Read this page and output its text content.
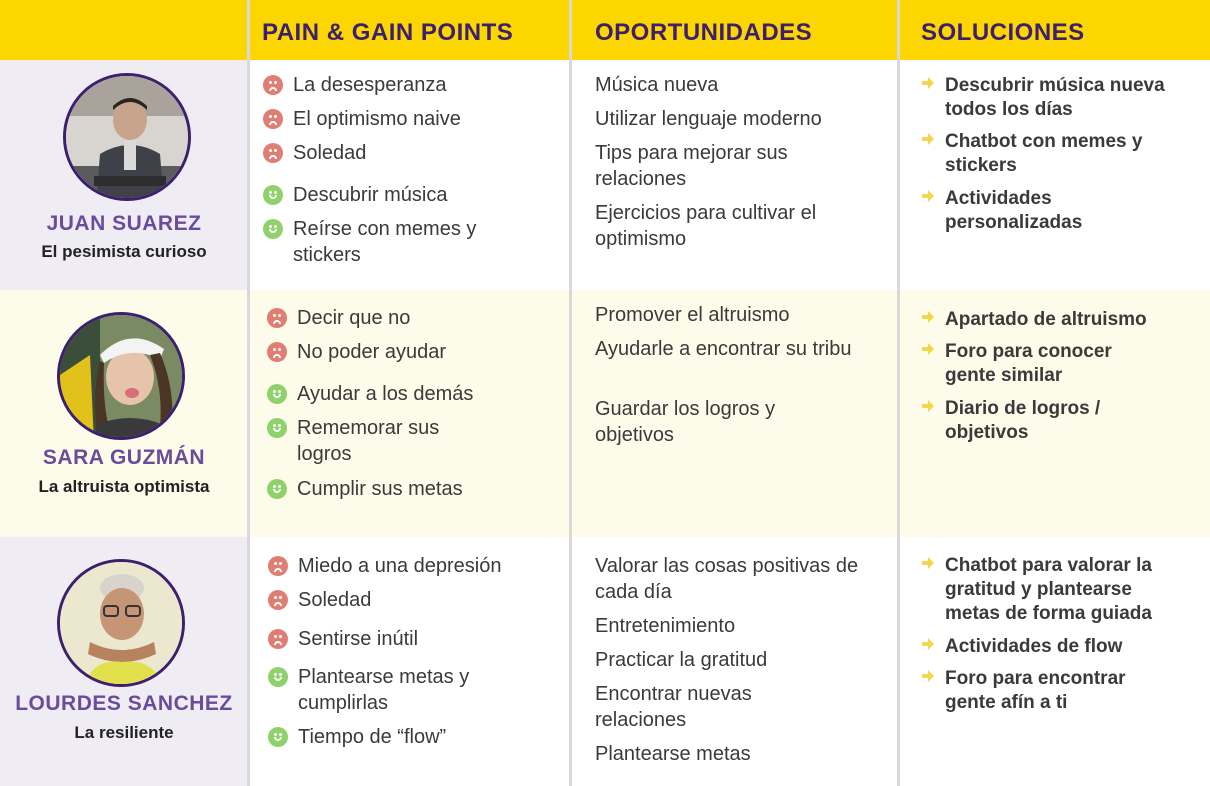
PAIN & GAIN POINTS	OPORTUNIDADES	SOLUCIONES
JUAN SUAREZ
El pesimista curioso
La desesperanza
El optimismo naive
Soledad
Descubrir música
Reírse con memes y stickers
Música nueva
Utilizar lenguaje moderno
Tips para mejorar sus relaciones
Ejercicios para cultivar el optimismo
Descubrir música nueva todos los días
Chatbot con memes y stickers
Actividades personalizadas
SARA GUZMÁN
La altruista optimista
Decir que no
No poder ayudar
Ayudar a los demás
Rememorar sus logros
Cumplir sus metas
Promover el altruismo
Ayudarle a encontrar su tribu
Guardar los logros y objetivos
Apartado de altruismo
Foro para conocer gente similar
Diario de logros / objetivos
LOURDES SANCHEZ
La resiliente
Miedo a una depresión
Soledad
Sentirse inútil
Plantearse metas y cumplirlas
Tiempo de “flow”
Valorar las cosas positivas de cada día
Entretenimiento
Practicar la gratitud
Encontrar nuevas relaciones
Plantearse metas
Chatbot para valorar la gratitud y plantearse metas de forma guiada
Actividades de flow
Foro para encontrar gente afín a ti
